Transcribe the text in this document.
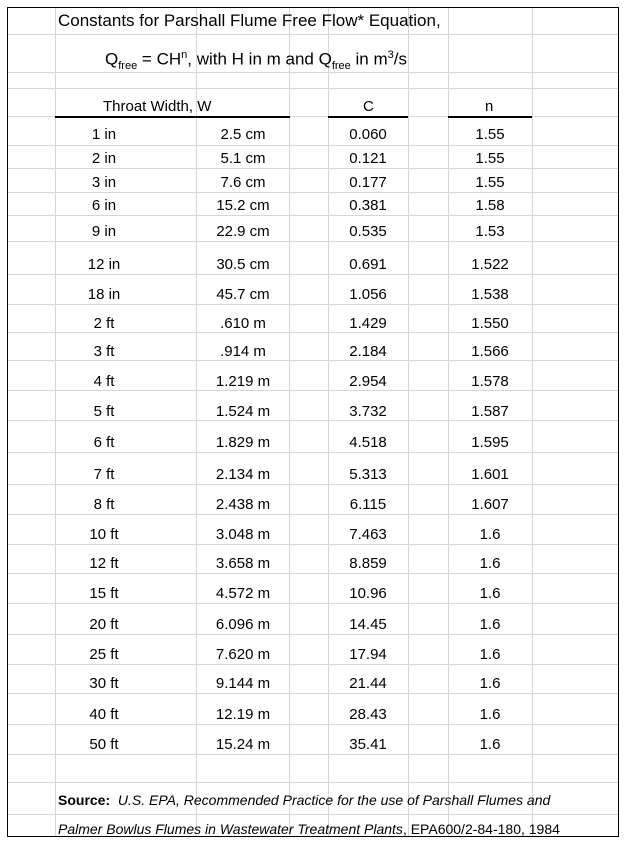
Constants for Parshall Flume Free Flow* Equation,
$Q_{free} = CH^n$, with H in m and $Q_{free}$ in $m^3/s$
Throat Width, W	C	n
1 in	2.5 cm	0.060	1.55
2 in	5.1 cm	0.121	1.55
3 in	7.6 cm	0.177	1.55
6 in	15.2 cm	0.381	1.58
9 in	22.9 cm	0.535	1.53
12 in	30.5 cm	0.691	1.522
18 in	45.7 cm	1.056	1.538
2 ft	.610 m	1.429	1.550
3 ft	.914 m	2.184	1.566
4 ft	1.219 m	2.954	1.578
5 ft	1.524 m	3.732	1.587
6 ft	1.829 m	4.518	1.595
7 ft	2.134 m	5.313	1.601
8 ft	2.438 m	6.115	1.607
10 ft	3.048 m	7.463	1.6
12 ft	3.658 m	8.859	1.6
15 ft	4.572 m	10.96	1.6
20 ft	6.096 m	14.45	1.6
25 ft	7.620 m	17.94	1.6
30 ft	9.144 m	21.44	1.6
40 ft	12.19 m	28.43	1.6
50 ft	15.24 m	35.41	1.6
Source: U.S. EPA, Recommended Practice for the use of Parshall Flumes and
Palmer Bowlus Flumes in Wastewater Treatment Plants, EPA600/2-84-180, 1984
